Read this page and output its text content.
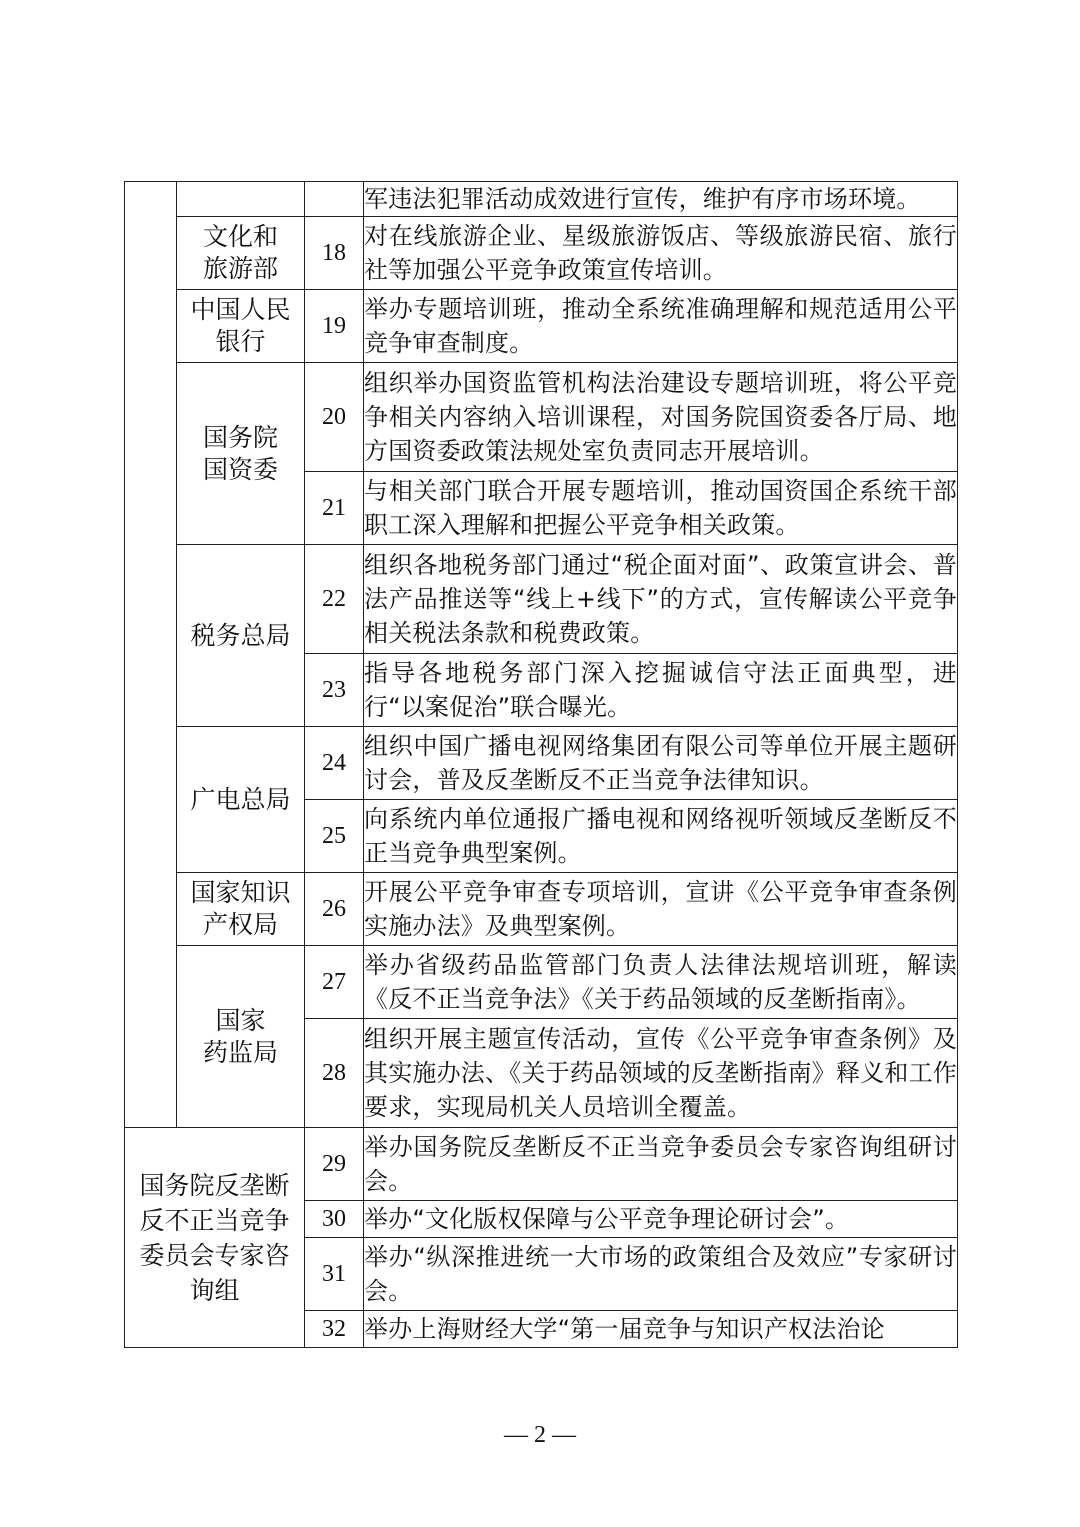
			军违法犯罪活动成效进行宣传，维护有序市场环境。

	文化和
旅游部	18	对在线旅游企业、星级旅游饭店、等级旅游民宿、旅行社等加强公平竞争政策宣传培训。

	中国人民
银行	19	举办专题培训班，推动全系统准确理解和规范适用公平竞争审查制度。

	国务院
国资委	20	组织举办国资监管机构法治建设专题培训班，将公平竞争相关内容纳入培训课程，对国务院国资委各厅局、地方国资委政策法规处室负责同志开展培训。
		21	与相关部门联合开展专题培训，推动国资国企系统干部职工深入理解和把握公平竞争相关政策。

	税务总局	22	组织各地税务部门通过“税企面对面”、政策宣讲会、普法产品推送等“线上+线下”的方式，宣传解读公平竞争相关税法条款和税费政策。
		23	指导各地税务部门深入挖掘诚信守法正面典型，进行“以案促治”联合曝光。

	广电总局	24	组织中国广播电视网络集团有限公司等单位开展主题研讨会，普及反垄断反不正当竞争法律知识。
		25	向系统内单位通报广播电视和网络视听领域反垄断反不正当竞争典型案例。

	国家知识
产权局	26	开展公平竞争审查专项培训，宣讲《公平竞争审查条例实施办法》及典型案例。

	国家
药监局	27	举办省级药品监管部门负责人法律法规培训班，解读《反不正当竞争法》《关于药品领域的反垄断指南》。
		28	组织开展主题宣传活动，宣传《公平竞争审查条例》及其实施办法、《关于药品领域的反垄断指南》释义和工作要求，实现局机关人员培训全覆盖。

国务院反垄断
反不正当竞争
委员会专家咨
询组		29	举办国务院反垄断反不正当竞争委员会专家咨询组研讨会。
		30	举办“文化版权保障与公平竞争理论研讨会”。
		31	举办“纵深推进统一大市场的政策组合及效应”专家研讨会。
		32	举办上海财经大学“第一届竞争与知识产权法治论
— 2 —
